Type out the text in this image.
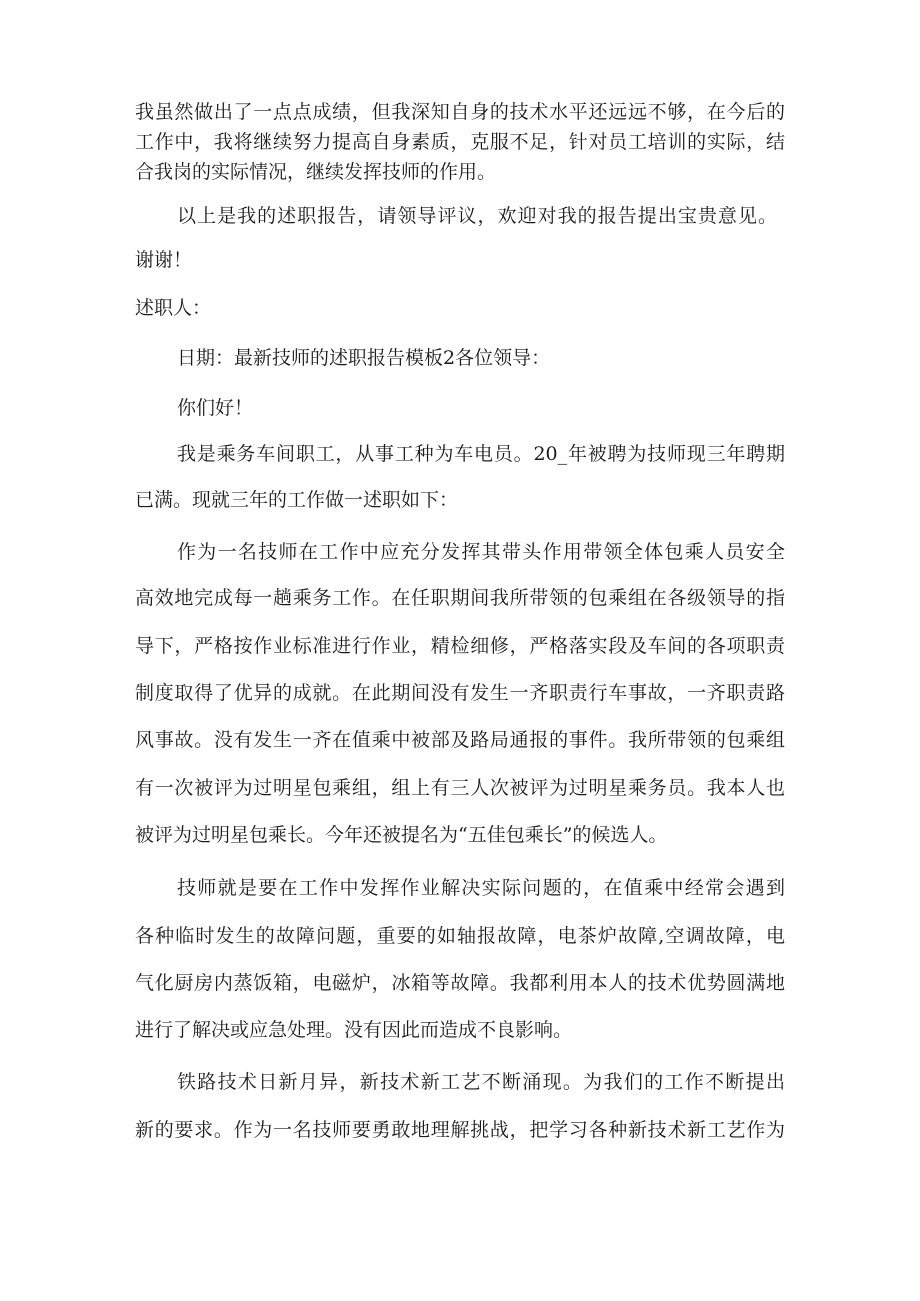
我虽然做出了一点点成绩，但我深知自身的技术水平还远远不够，在今后的
工作中，我将继续努力提高自身素质，克服不足，针对员工培训的实际，结
合我岗的实际情况，继续发挥技师的作用。
以上是我的述职报告，请领导评议，欢迎对我的报告提出宝贵意见。
谢谢！
述职人：
日期：最新技师的述职报告模板2各位领导：
你们好！
我是乘务车间职工，从事工种为车电员。20_年被聘为技师现三年聘期
已满。现就三年的工作做一述职如下：
作为一名技师在工作中应充分发挥其带头作用带领全体包乘人员安全
高效地完成每一趟乘务工作。在任职期间我所带领的包乘组在各级领导的指
导下，严格按作业标准进行作业，精检细修，严格落实段及车间的各项职责
制度取得了优异的成就。在此期间没有发生一齐职责行车事故，一齐职责路
风事故。没有发生一齐在值乘中被部及路局通报的事件。我所带领的包乘组
有一次被评为过明星包乘组，组上有三人次被评为过明星乘务员。我本人也
被评为过明星包乘长。今年还被提名为“五佳包乘长”的候选人。
技师就是要在工作中发挥作业解决实际问题的，在值乘中经常会遇到
各种临时发生的故障问题，重要的如轴报故障，电茶炉故障,空调故障，电
气化厨房内蒸饭箱，电磁炉，冰箱等故障。我都利用本人的技术优势圆满地
进行了解决或应急处理。没有因此而造成不良影响。
铁路技术日新月异，新技术新工艺不断涌现。为我们的工作不断提出
新的要求。作为一名技师要勇敢地理解挑战，把学习各种新技术新工艺作为
